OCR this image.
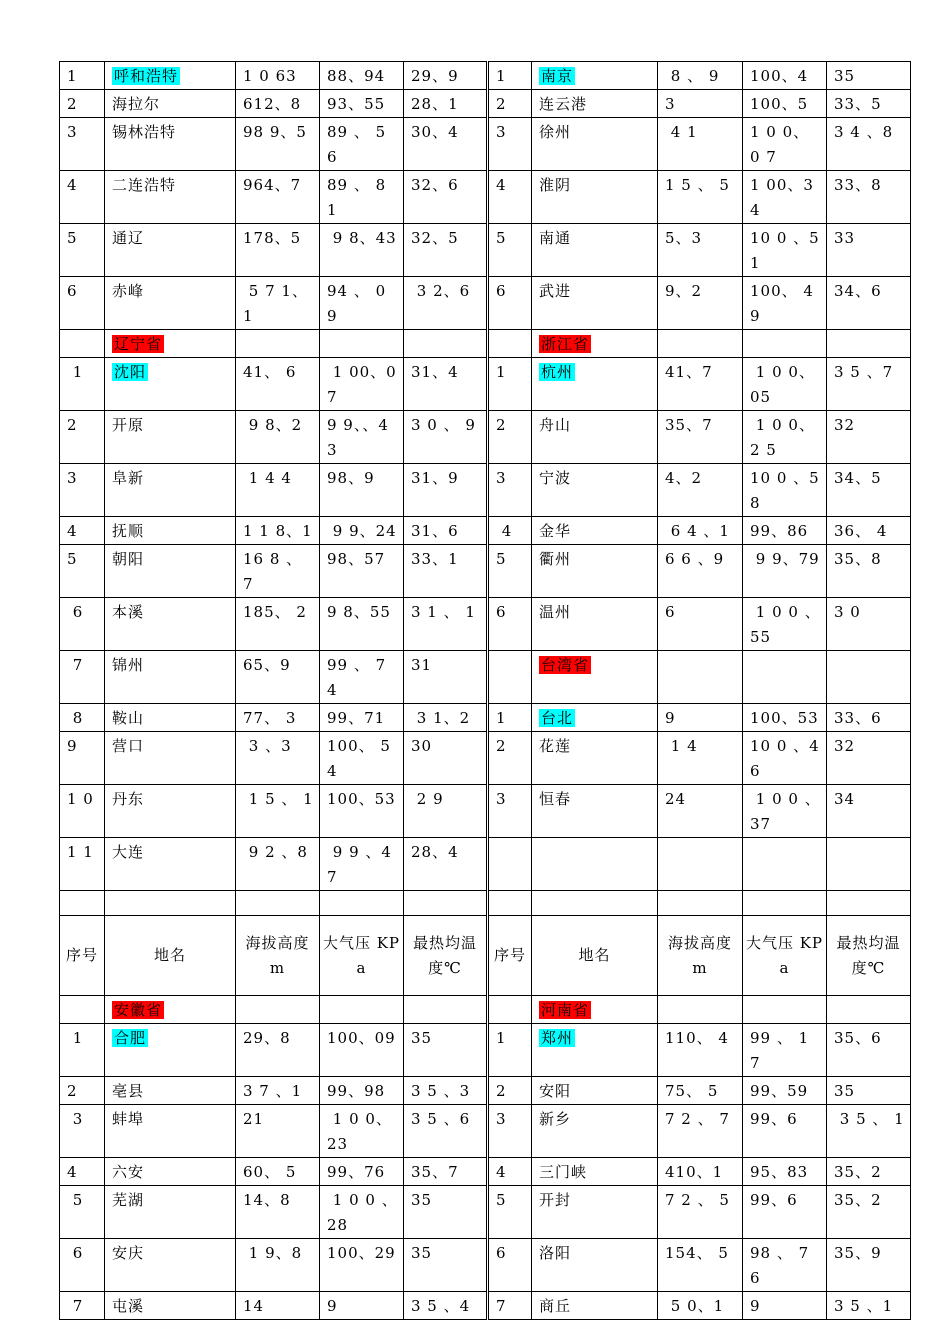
1	呼和浩特	1 0 63	88、94	29、9	1	南京	8 、 9	100、4	35
2	海拉尔	612、8	93、55	28、1	2	连云港	3	100、5	33、5
3	锡林浩特	98 9、5	89 、 5 6	30、4	3	徐州	4 1	1 0 0、 0 7	3 4 、8
4	二连浩特	964、7	89 、 8 1	32、6	4	淮阴	1 5 、 5	1 00、34	33、8
5	通辽	178、5	9 8、43	32、5	5	南通	5、3	10 0 、51	33
6	赤峰	5 7 1、1	94 、 0 9	3 2、6	6	武进	9、2	100、 4 9	34、6
	辽宁省					浙江省			
1	沈阳	41、 6	1 00、07	31、4	1	杭州	41、7	1 0 0、05	3 5 、7
2	开原	9 8、2	9 9、、4 3	3 0 、 9	2	舟山	35、7	1 0 0、2 5	32
3	阜新	1 4 4	98、9	31、9	3	宁波	4、2	10 0 、58	34、5
4	抚顺	1 1 8、1	9 9、24	31、6	4	金华	6 4 、1	99、86	36、 4
5	朝阳	16 8 、 7	98、57	33、1	5	衢州	6 6 、9	9 9、79	35、8
6	本溪	185、 2	9 8、55	3 1 、 1	6	温州	6	1 0 0 、55	3 0
7	锦州	65、9	99 、 7 4	31		台湾省			
8	鞍山	77、 3	99、71	3 1、2	1	台北	9	100、53	33、6
9	营口	3 、3	100、 5 4	30	2	花莲	1 4	10 0 、46	32
1 0	丹东	1 5 、 1	100、53	2 9	3	恒春	24	1 0 0 、37	34
1 1	大连	9 2 、8	9 9 、47	28、4					

序号	地名	海拔高度 m	大气压 KPa	最热均温度℃	序号	地名	海拔高度 m	大气压 KPa	最热均温度℃
	安徽省					河南省			
1	合肥	29、8	100、09	35	1	郑州	110、 4	99 、 1 7	35、6
2	亳县	3 7 、1	99、98	3 5 、3	2	安阳	75、 5	99、59	35
3	蚌埠	21	1 0 0、23	3 5 、6	3	新乡	7 2 、 7	99、6	3 5 、 1
4	六安	60、 5	99、76	35、7	4	三门峡	410、1	95、83	35、2
5	芜湖	14、8	1 0 0 、28	35	5	开封	7 2 、 5	99、6	35、2
6	安庆	1 9、8	100、29	35	6	洛阳	154、 5	98 、 7 6	35、9
7	屯溪	14	9	3 5 、4	7	商丘	5 0、1	9	3 5 、1
